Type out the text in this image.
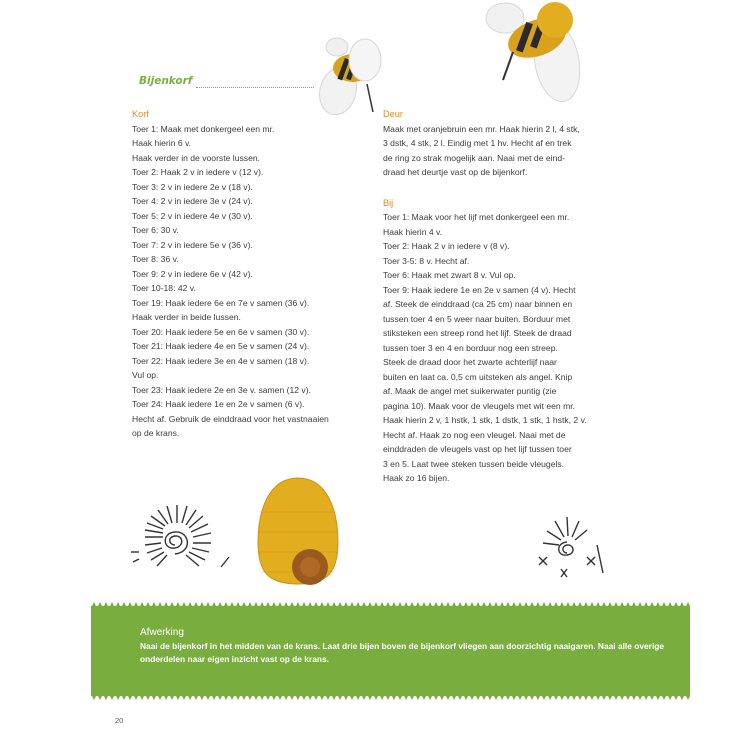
Bijenkorf
Korf
Toer 1: Maak met donkergeel een mr.
Haak hierin 6 v.
Haak verder in de voorste lussen.
Toer 2: Haak 2 v in iedere v (12 v).
Toer 3: 2 v in iedere 2e v (18 v).
Toer 4: 2 v in iedere 3e v (24 v).
Toer 5: 2 v in iedere 4e v (30 v).
Toer 6: 30 v.
Toer 7: 2 v in iedere 5e v (36 v).
Toer 8: 36 v.
Toer 9: 2 v in iedere 6e v (42 v).
Toer 10-18: 42 v.
Toer 19: Haak iedere 6e en 7e v samen (36 v).
Haak verder in beide lussen.
Toer 20: Haak iedere 5e en 6e v samen (30 v).
Toer 21: Haak iedere 4e en 5e v samen (24 v).
Toer 22: Haak iedere 3e en 4e v samen (18 v).
Vul op.
Toer 23: Haak iedere 2e en 3e v. samen (12 v).
Toer 24: Haak iedere 1e en 2e v samen (6 v).
Hecht af. Gebruik de einddraad voor het vastnaaien
op de krans.
Deur
Maak met oranjebruin een mr. Haak hierin 2 l, 4 stk,
3 dstk, 4 stk, 2 l. Eindig met 1 hv. Hecht af en trek
de ring zo strak mogelijk aan. Naai met de eind-
draad het deurtje vast op de bijenkorf.
Bij
Toer 1: Maak voor het lijf met donkergeel een mr.
Haak hierin 4 v.
Toer 2: Haak 2 v in iedere v (8 v).
Toer 3-5: 8 v. Hecht af.
Toer 6: Haak met zwart 8 v. Vul op.
Toer 9: Haak iedere 1e en 2e v samen (4 v). Hecht
af. Steek de einddraad (ca 25 cm) naar binnen en
tussen toer 4 en 5 weer naar buiten. Borduur met
stiksteken een streep rond het lijf. Steek de draad
tussen toer 3 en 4 en borduur nog een streep.
Steek de draad door het zwarte achterlijf naar
buiten en laat ca. 0,5 cm uitsteken als angel. Knip
af. Maak de angel met suikerwater puntig (zie
pagina 10). Maak voor de vleugels met wit een mr.
Haak hierin 2 v, 1 hstk, 1 stk, 1 dstk, 1 stk, 1 hstk, 2 v.
Hecht af. Haak zo nog een vleugel. Naai met de
einddraden de vleugels vast op het lijf tussen toer
3 en 5. Laat twee steken tussen beide vleugels.
Haak zo 16 bijen.
Afwerking
Naai de bijenkorf in het midden van de krans. Laat drie bijen boven de bijenkorf vliegen aan doorzichtig naaigaren. Naai alle overige onderdelen naar eigen inzicht vast op de krans.
20
